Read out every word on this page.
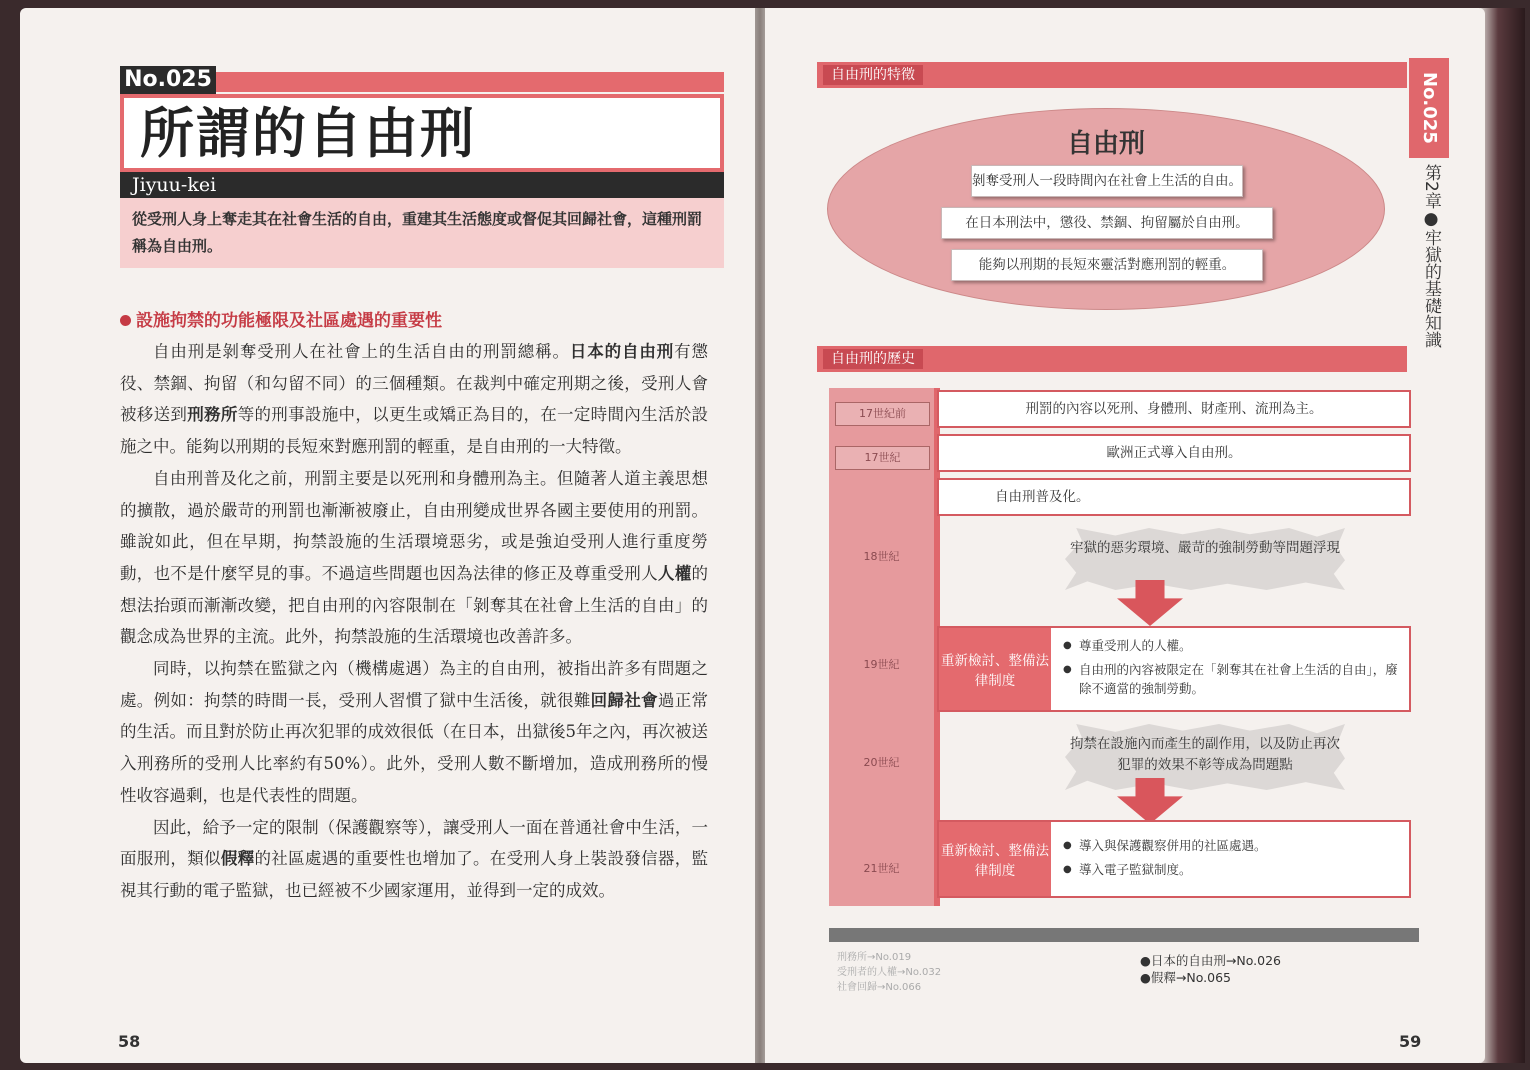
No.025
所謂的自由刑
Jiyuu-kei
從受刑人身上奪走其在社會生活的自由，重建其生活態度或督促其回歸社會，這種刑罰稱為自由刑。
設施拘禁的功能極限及社區處遇的重要性

自由刑是剝奪受刑人在社會上的生活自由的刑罰總稱。日本的自由刑有懲役、禁錮、拘留（和勾留不同）的三個種類。在裁判中確定刑期之後，受刑人會被移送到刑務所等的刑事設施中，以更生或矯正為目的，在一定時間內生活於設施之中。能夠以刑期的長短來對應刑罰的輕重，是自由刑的一大特徵。

自由刑普及化之前，刑罰主要是以死刑和身體刑為主。但隨著人道主義思想的擴散，過於嚴苛的刑罰也漸漸被廢止，自由刑變成世界各國主要使用的刑罰。雖說如此，但在早期，拘禁設施的生活環境惡劣，或是強迫受刑人進行重度勞動，也不是什麼罕見的事。不過這些問題也因為法律的修正及尊重受刑人人權的想法抬頭而漸漸改變，把自由刑的內容限制在「剝奪其在社會上生活的自由」的觀念成為世界的主流。此外，拘禁設施的生活環境也改善許多。

同時，以拘禁在監獄之內（機構處遇）為主的自由刑，被指出許多有問題之處。例如：拘禁的時間一長，受刑人習慣了獄中生活後，就很難回歸社會過正常的生活。而且對於防止再次犯罪的成效很低（在日本，出獄後5年之內，再次被送入刑務所的受刑人比率約有50%）。此外，受刑人數不斷增加，造成刑務所的慢性收容過剩，也是代表性的問題。

因此，給予一定的限制（保護觀察等），讓受刑人一面在普通社會中生活，一面服刑，類似假釋的社區處遇的重要性也增加了。在受刑人身上裝設發信器，監視其行動的電子監獄，也已經被不少國家運用，並得到一定的成效。

58
自由刑的特徵
自由刑
剝奪受刑人一段時間內在社會上生活的自由。
在日本刑法中，懲役、禁錮、拘留屬於自由刑。
能夠以刑期的長短來靈活對應刑罰的輕重。
自由刑的歷史
17世紀前
17世紀
18世紀
19世紀
20世紀
21世紀
刑罰的內容以死刑、身體刑、財產刑、流刑為主。
歐洲正式導入自由刑。
自由刑普及化。
牢獄的惡劣環境、嚴苛的強制勞動等問題浮現
重新檢討、整備法律制度
● 尊重受刑人的人權。
● 自由刑的內容被限定在「剝奪其在社會上生活的自由」，廢除不適當的強制勞動。
拘禁在設施內而產生的副作用，以及防止再次犯罪的效果不彰等成為問題點
重新檢討、整備法律制度
● 導入與保護觀察併用的社區處遇。
● 導入電子監獄制度。
刑務所→No.019
受刑者的人權→No.032
社會回歸→No.066
●日本的自由刑→No.026
●假釋→No.065
59
No.025
第2章●牢獄的基礎知識
